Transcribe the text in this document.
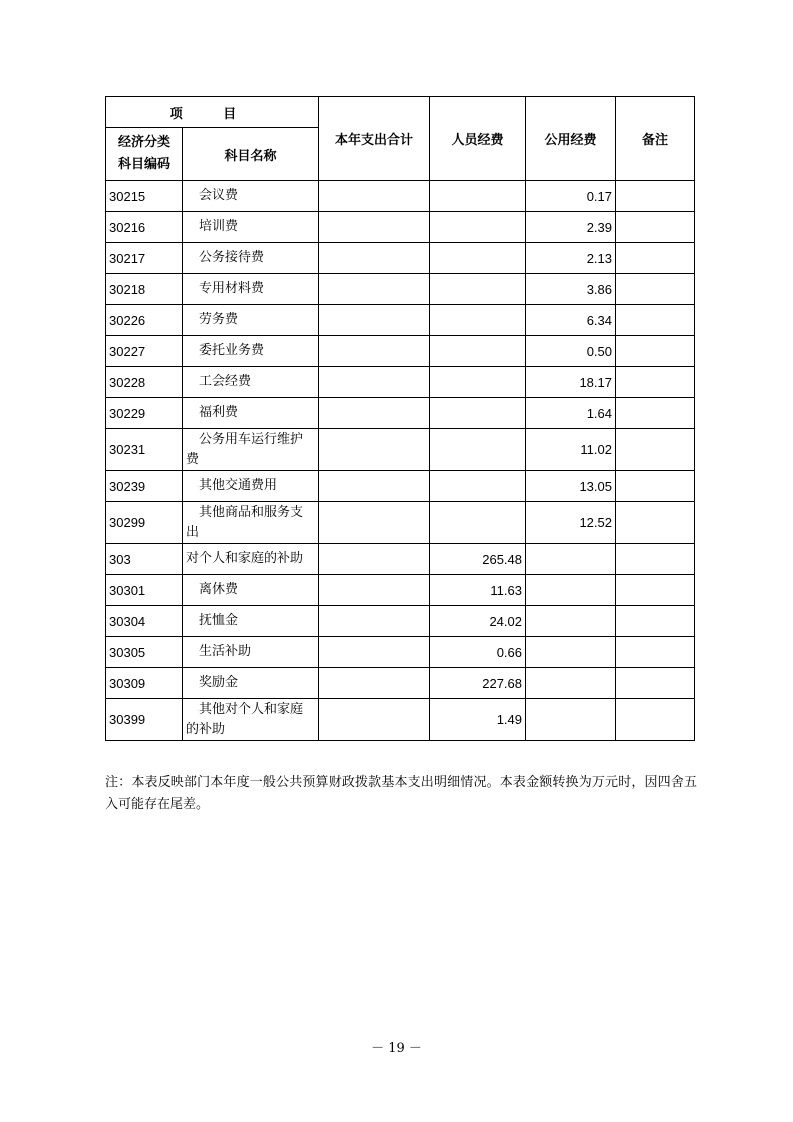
项 目		本年支出合计	人员经费	公用经费	备注

经济分类
科目编码	科目名称				
30215	会议费			0.17	
30216	培训费			2.39	
30217	公务接待费			2.13	
30218	专用材料费			3.86	
30226	劳务费			6.34	
30227	委托业务费			0.50	
30228	工会经费			18.17	
30229	福利费			1.64	
30231	公务用车运行维护费			11.02	
30239	其他交通费用			13.05	
30299	其他商品和服务支出			12.52	
303	对个人和家庭的补助		265.48		
30301	离休费		11.63		
30304	抚恤金		24.02		
30305	生活补助		0.66		
30309	奖励金		227.68		
30399	其他对个人和家庭的补助		1.49		
注：本表反映部门本年度一般公共预算财政拨款基本支出明细情况。本表金额转换为万元时，因四舍五入可能存在尾差。
－ 19 －
